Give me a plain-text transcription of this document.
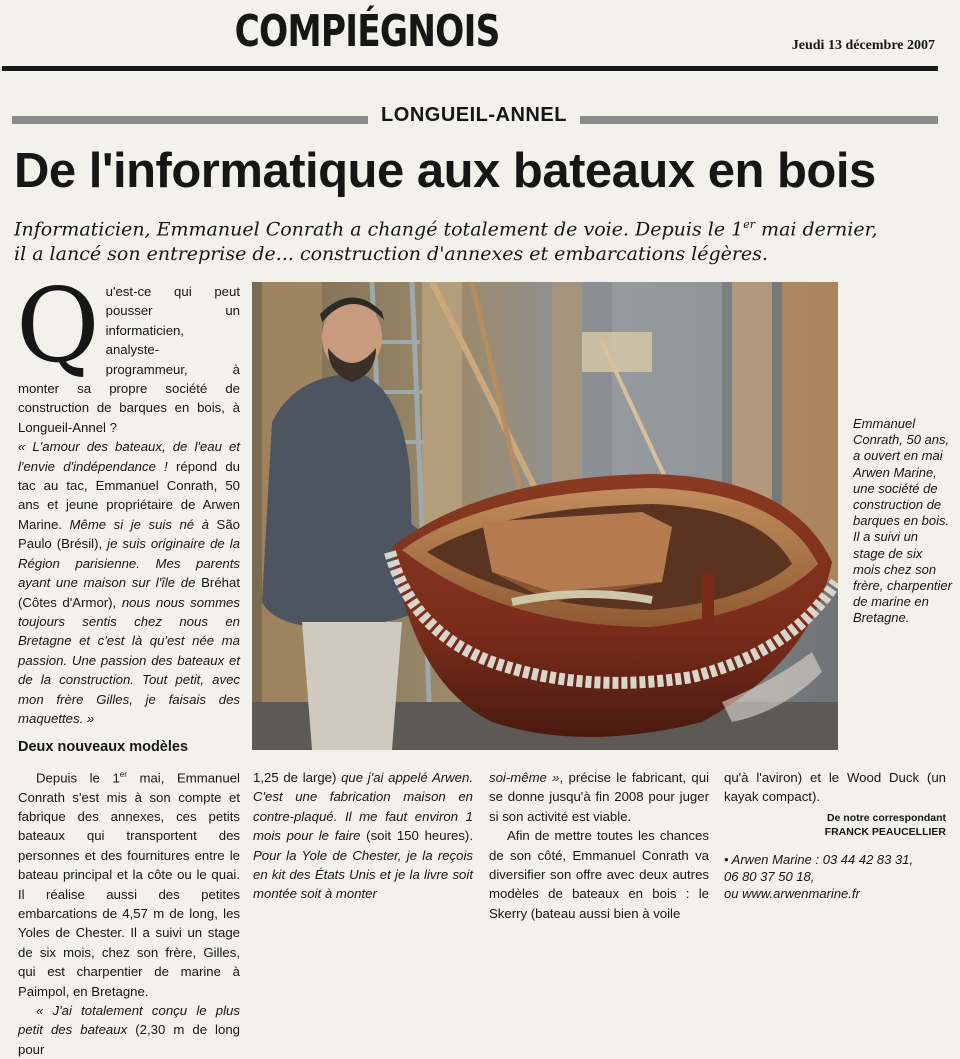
COMPIÉGNOIS	Jeudi 13 décembre 2007
LONGUEIL-ANNEL
De l'informatique aux bateaux en bois
Informaticien, Emmanuel Conrath a changé totalement de voie. Depuis le 1er mai dernier,
il a lancé son entreprise de... construction d'annexes et embarcations légères.

Q u'est-ce qui peut pousser un informaticien, analyste-programmeur, à monter sa propre société de construction de barques en bois, à Longueil-Annel ?

« L'amour des bateaux, de l'eau et l'envie d'indépendance ! répond du tac au tac, Emmanuel Conrath, 50 ans et jeune propriétaire de Arwen Marine. Même si je suis né à São Paulo (Brésil), je suis originaire de la Région parisienne. Mes parents ayant une maison sur l'île de Bréhat (Côtes d'Armor), nous nous sommes toujours sentis chez nous en Bretagne et c'est là qu'est née ma passion. Une passion des bateaux et de la construction. Tout petit, avec mon frère Gilles, je faisais des maquettes. »

Deux nouveaux modèles

Depuis le 1er mai, Emmanuel Conrath s'est mis à son compte et fabrique des annexes, ces petits bateaux qui transportent des personnes et des fournitures entre le bateau principal et la côte ou le quai. Il réalise aussi des petites embarcations de 4,57 m de long, les Yoles de Chester. Il a suivi un stage de six mois, chez son frère, Gilles, qui est charpentier de marine à Paimpol, en Bretagne.

« J'ai totalement conçu le plus petit des bateaux (2,30 m de long pour

Emmanuel Conrath, 50 ans, a ouvert en mai Arwen Marine, une société de construction de barques en bois. Il a suivi un stage de six mois chez son frère, charpentier de marine en Bretagne.

1,25 de large) que j'ai appelé Arwen. C'est une fabrication maison en contre-plaqué. Il me faut environ 1 mois pour le faire (soit 150 heures). Pour la Yole de Chester, je la reçois en kit des États Unis et je la livre soit montée soit à monter

soi-même », précise le fabricant, qui se donne jusqu'à fin 2008 pour juger si son activité est viable.

Afin de mettre toutes les chances de son côté, Emmanuel Conrath va diversifier son offre avec deux autres modèles de bateaux en bois : le Skerry (bateau aussi bien à voile

qu'à l'aviron) et le Wood Duck (un kayak compact).

De notre correspondant
FRANCK PEAUCELLIER

• Arwen Marine : 03 44 42 83 31,
06 80 37 50 18,
ou www.arwenmarine.fr
